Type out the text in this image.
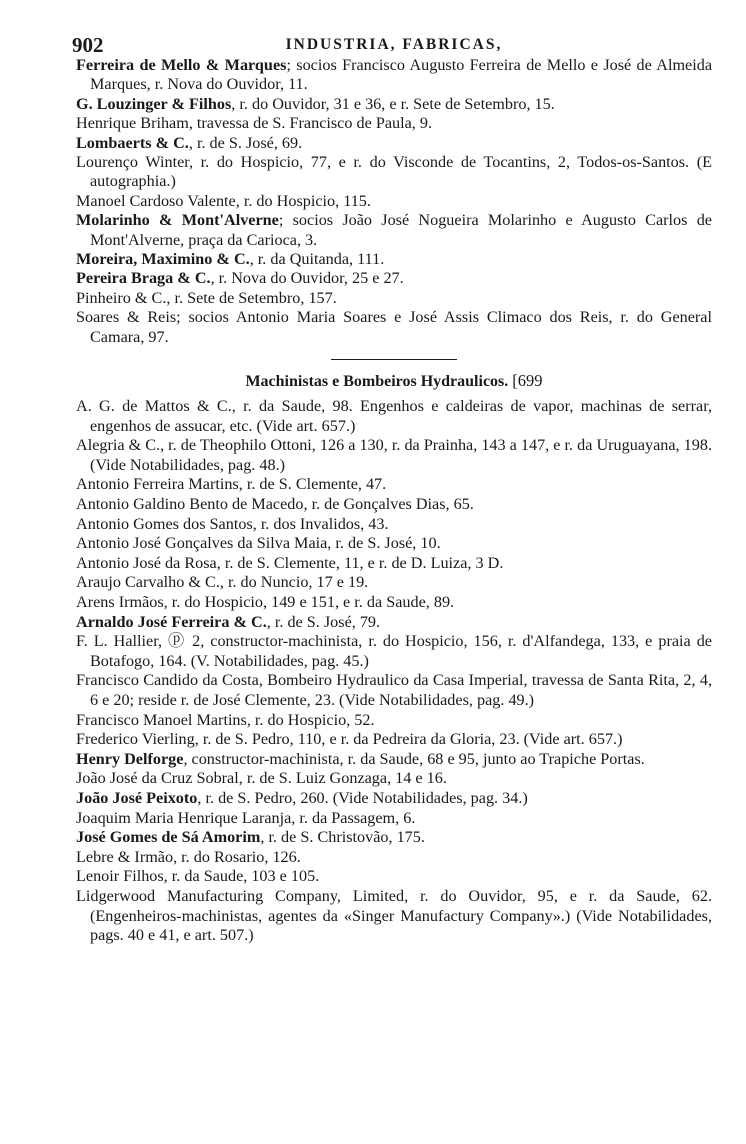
902	INDUSTRIA, FABRICAS,

Ferreira de Mello & Marques; socios Francisco Augusto Ferreira de Mello e José de Almeida Marques, r. Nova do Ouvidor, 11.

G. Louzinger & Filhos, r. do Ouvidor, 31 e 36, e r. Sete de Setembro, 15.

Henrique Briham, travessa de S. Francisco de Paula, 9.

Lombaerts & C., r. de S. José, 69.

Lourenço Winter, r. do Hospicio, 77, e r. do Visconde de Tocantins, 2, Todos-os-Santos. (E autographia.)

Manoel Cardoso Valente, r. do Hospicio, 115.

Molarinho & Mont'Alverne; socios João José Nogueira Molarinho e Augusto Carlos de Mont'Alverne, praça da Carioca, 3.

Moreira, Maximino & C., r. da Quitanda, 111.

Pereira Braga & C., r. Nova do Ouvidor, 25 e 27.

Pinheiro & C., r. Sete de Setembro, 157.

Soares & Reis; socios Antonio Maria Soares e José Assis Climaco dos Reis, r. do General Camara, 97.

Machinistas e Bombeiros Hydraulicos. [699

A. G. de Mattos & C., r. da Saude, 98. Engenhos e caldeiras de vapor, machinas de serrar, engenhos de assucar, etc. (Vide art. 657.)

Alegria & C., r. de Theophilo Ottoni, 126 a 130, r. da Prainha, 143 a 147, e r. da Uruguayana, 198. (Vide Notabilidades, pag. 48.)

Antonio Ferreira Martins, r. de S. Clemente, 47.

Antonio Galdino Bento de Macedo, r. de Gonçalves Dias, 65.

Antonio Gomes dos Santos, r. dos Invalidos, 43.

Antonio José Gonçalves da Silva Maia, r. de S. José, 10.

Antonio José da Rosa, r. de S. Clemente, 11, e r. de D. Luiza, 3 D.

Araujo Carvalho & C., r. do Nuncio, 17 e 19.

Arens Irmãos, r. do Hospicio, 149 e 151, e r. da Saude, 89.

Arnaldo José Ferreira & C., r. de S. José, 79.

F. L. Hallier, ⓟ 2, constructor-machinista, r. do Hospicio, 156, r. d'Alfandega, 133, e praia de Botafogo, 164. (V. Notabilidades, pag. 45.)

Francisco Candido da Costa, Bombeiro Hydraulico da Casa Imperial, travessa de Santa Rita, 2, 4, 6 e 20; reside r. de José Clemente, 23. (Vide Notabilidades, pag. 49.)

Francisco Manoel Martins, r. do Hospicio, 52.

Frederico Vierling, r. de S. Pedro, 110, e r. da Pedreira da Gloria, 23. (Vide art. 657.)

Henry Delforge, constructor-machinista, r. da Saude, 68 e 95, junto ao Trapiche Portas.

João José da Cruz Sobral, r. de S. Luiz Gonzaga, 14 e 16.

João José Peixoto, r. de S. Pedro, 260. (Vide Notabilidades, pag. 34.)

Joaquim Maria Henrique Laranja, r. da Passagem, 6.

José Gomes de Sá Amorim, r. de S. Christovão, 175.

Lebre & Irmão, r. do Rosario, 126.

Lenoir Filhos, r. da Saude, 103 e 105.

Lidgerwood Manufacturing Company, Limited, r. do Ouvidor, 95, e r. da Saude, 62. (Engenheiros-machinistas, agentes da «Singer Manufactury Company».) (Vide Notabilidades, pags. 40 e 41, e art. 507.)
